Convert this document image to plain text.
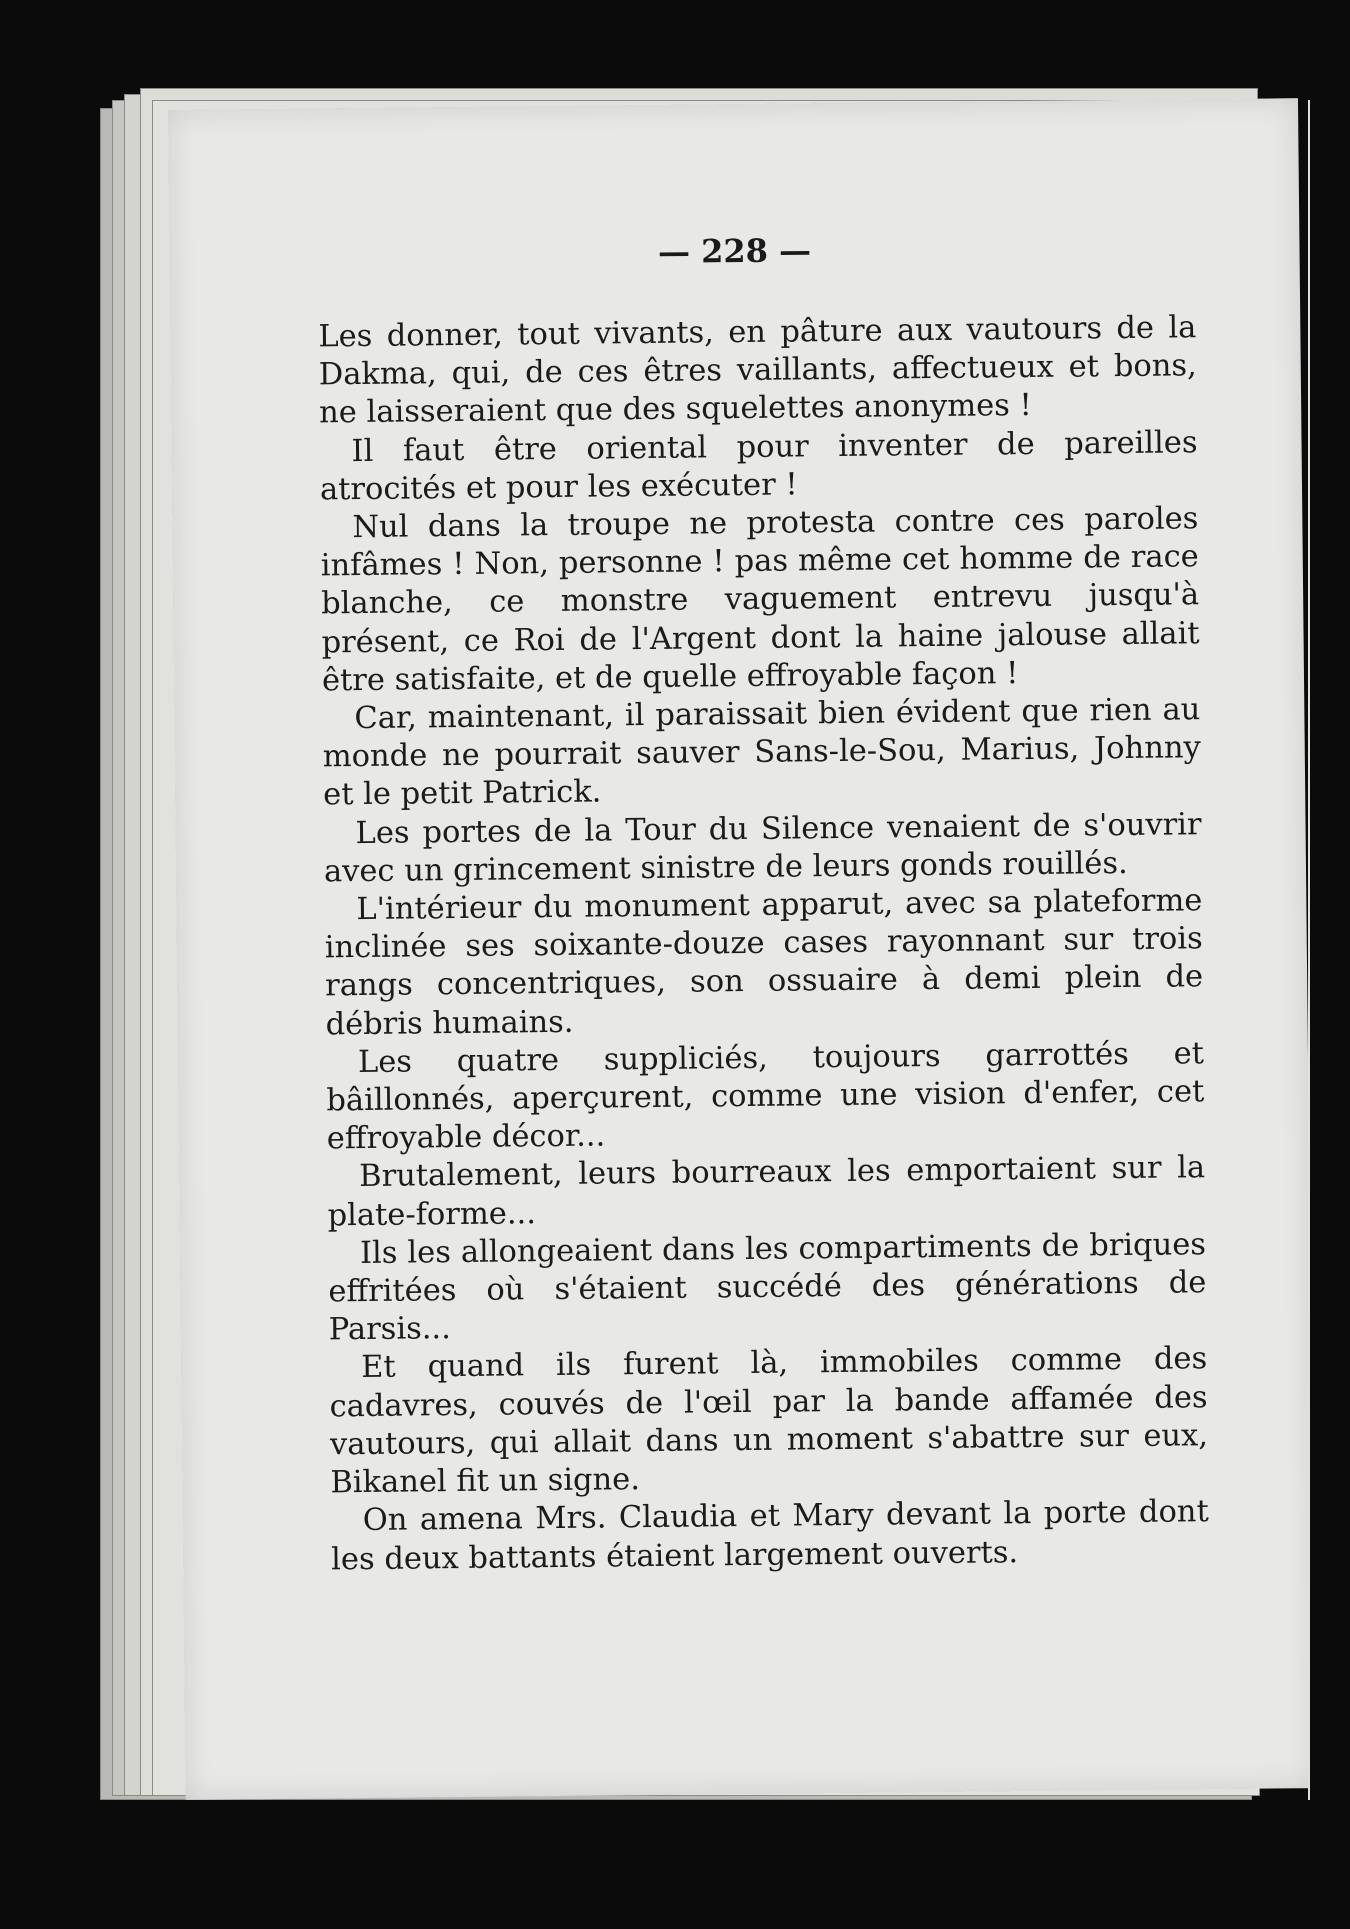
— 228 —

Les donner, tout vivants, en pâture aux vautours de la Dakma, qui, de ces êtres vaillants, affectueux et bons, ne laisseraient que des squelettes anonymes !

Il faut être oriental pour inventer de pareilles atrocités et pour les exécuter !

Nul dans la troupe ne protesta contre ces paroles infâmes ! Non, personne ! pas même cet homme de race blanche, ce monstre vaguement entrevu jusqu'à présent, ce Roi de l'Argent dont la haine jalouse allait être satisfaite, et de quelle effroyable façon !

Car, maintenant, il paraissait bien évident que rien au monde ne pourrait sauver Sans-le-Sou, Marius, Johnny et le petit Patrick.

Les portes de la Tour du Silence venaient de s'ouvrir avec un grincement sinistre de leurs gonds rouillés.

L'intérieur du monument apparut, avec sa plateforme inclinée ses soixante-douze cases rayonnant sur trois rangs concentriques, son ossuaire à demi plein de débris humains.

Les quatre suppliciés, toujours garrottés et bâillonnés, aperçurent, comme une vision d'enfer, cet effroyable décor...

Brutalement, leurs bourreaux les emportaient sur la plate-forme...

Ils les allongeaient dans les compartiments de briques effritées où s'étaient succédé des générations de Parsis...

Et quand ils furent là, immobiles comme des cadavres, couvés de l'œil par la bande affamée des vautours, qui allait dans un moment s'abattre sur eux, Bikanel fit un signe.

On amena Mrs. Claudia et Mary devant la porte dont les deux battants étaient largement ouverts.
